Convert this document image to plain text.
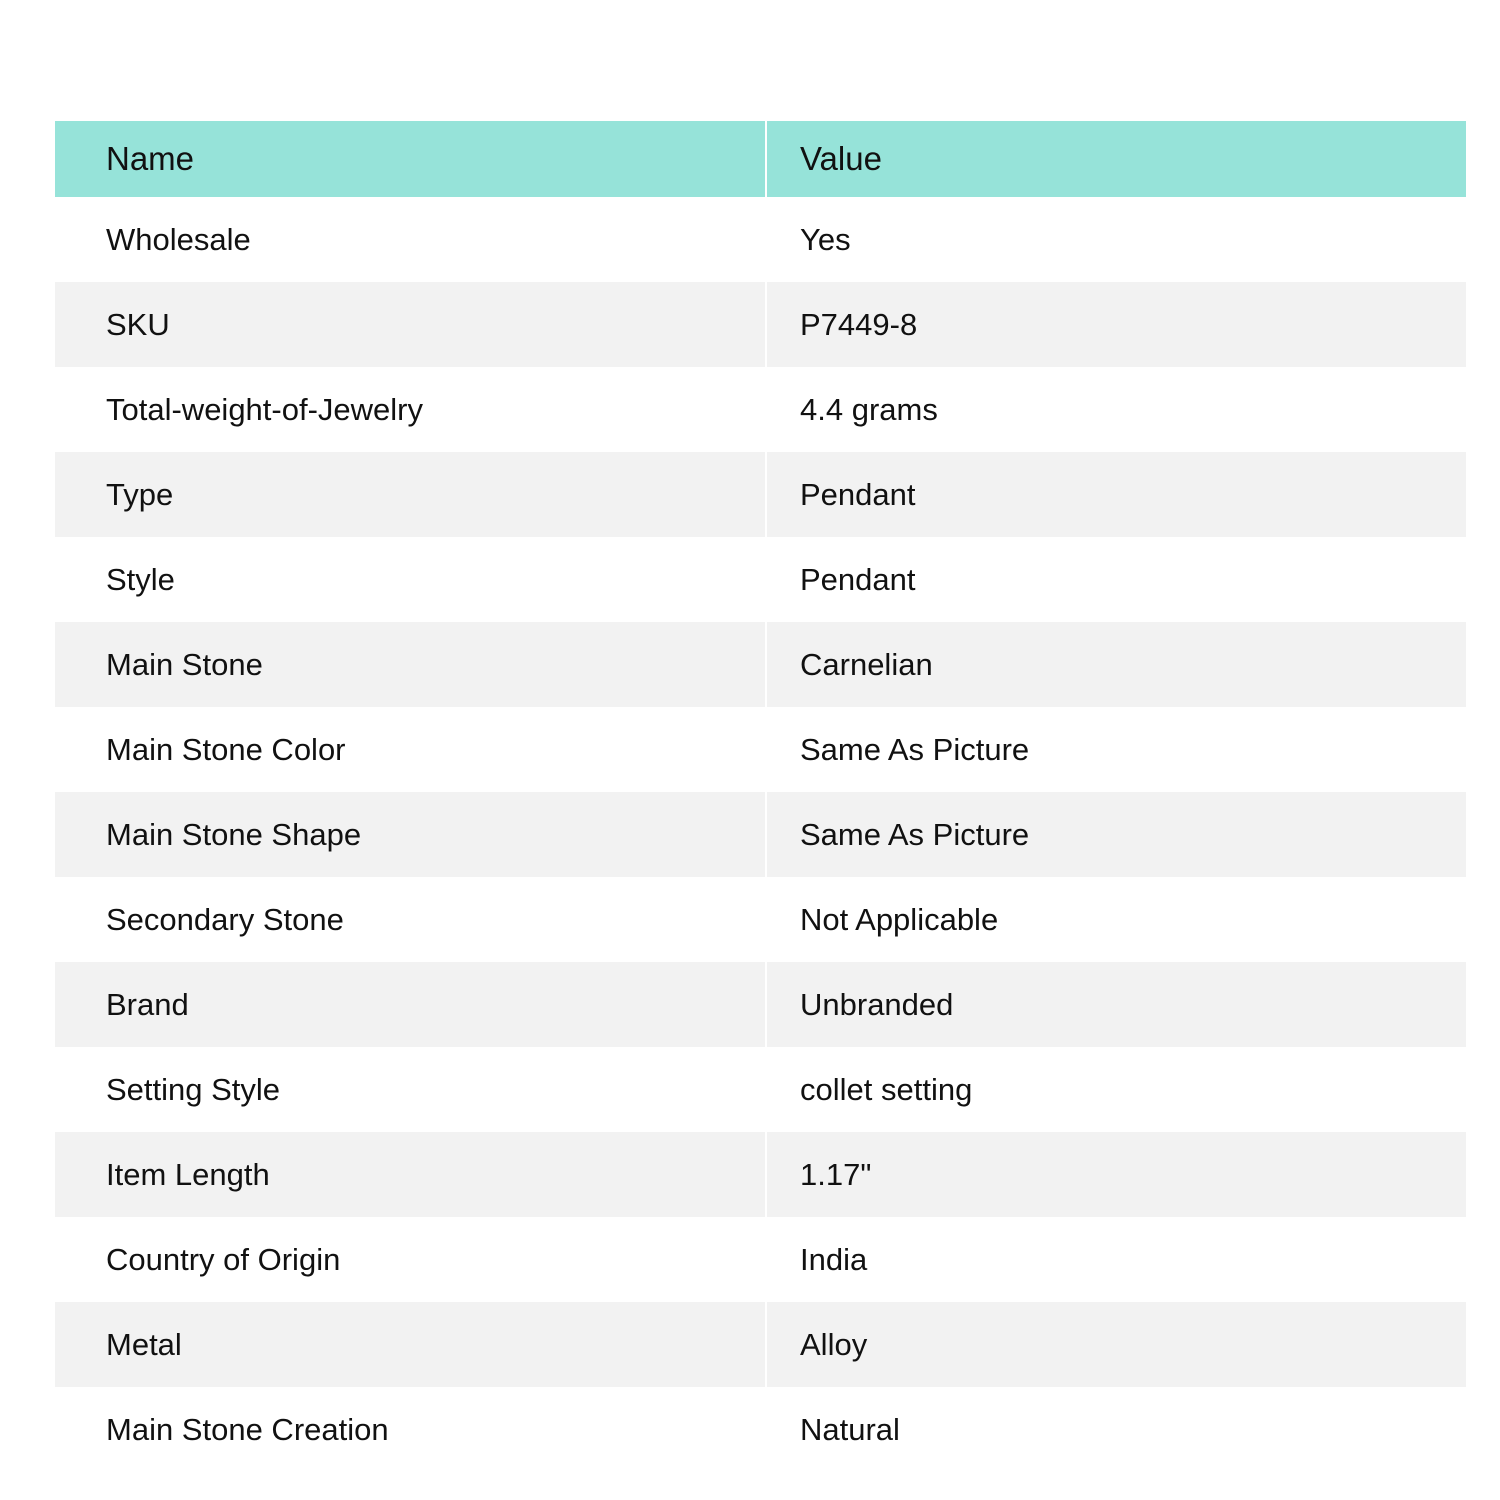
Name	Value
Wholesale	Yes
SKU	P7449-8
Total-weight-of-Jewelry	4.4 grams
Type	Pendant
Style	Pendant
Main Stone	Carnelian
Main Stone Color	Same As Picture
Main Stone Shape	Same As Picture
Secondary Stone	Not Applicable
Brand	Unbranded
Setting Style	collet setting
Item Length	1.17"
Country of Origin	India
Metal	Alloy
Main Stone Creation	Natural
